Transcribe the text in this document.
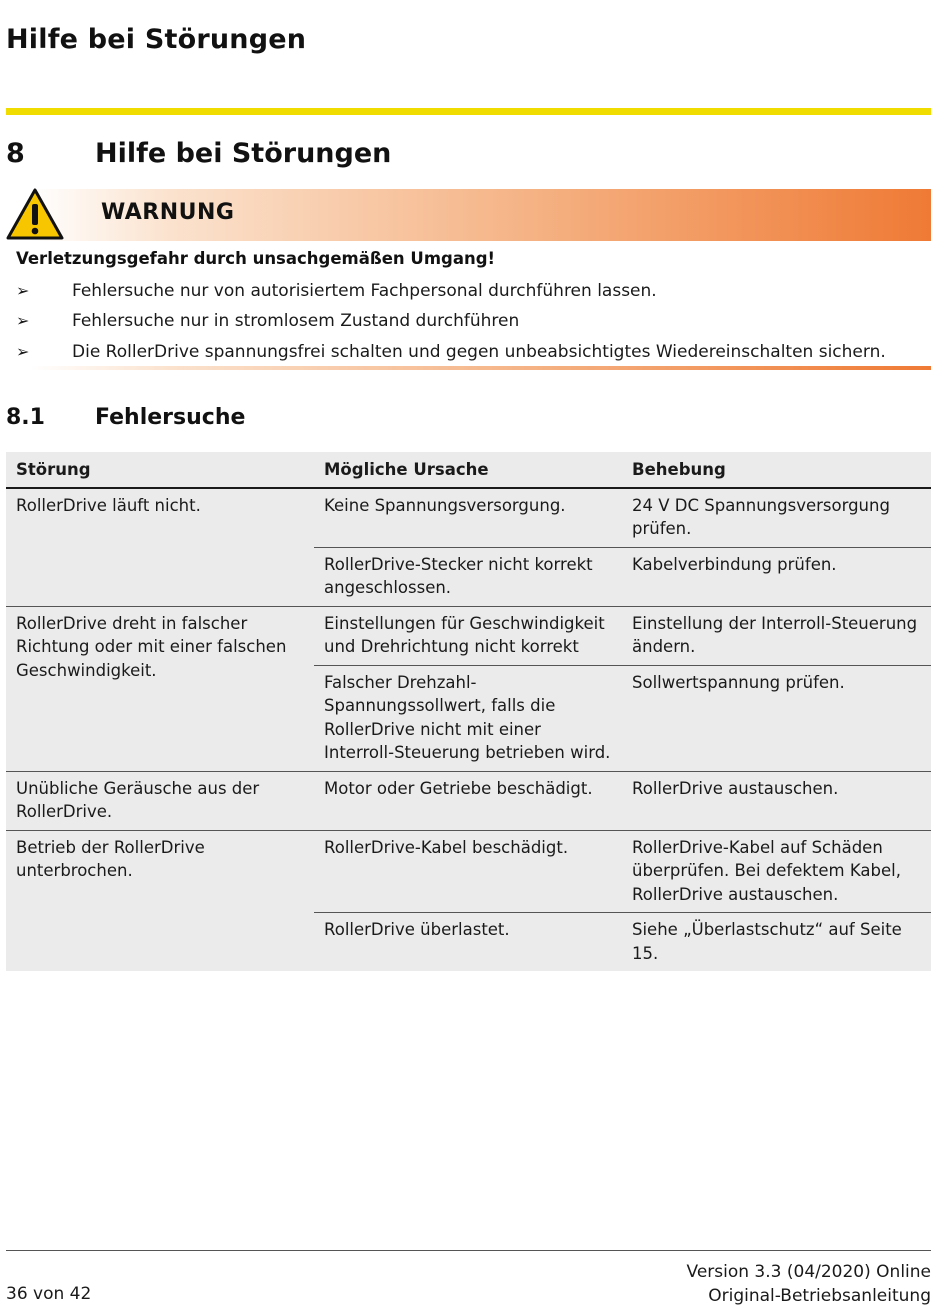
Hilfe bei Störungen
8	Hilfe bei Störungen
WARNUNG
Verletzungsgefahr durch unsachgemäßen Umgang!
➢	Fehlersuche nur von autorisiertem Fachpersonal durchführen lassen.
➢	Fehlersuche nur in stromlosem Zustand durchführen
➢	Die RollerDrive spannungsfrei schalten und gegen unbeabsichtigtes Wiedereinschalten sichern.
8.1 Fehlersuche
Störung	Mögliche Ursache	Behebung
RollerDrive läuft nicht.	Keine Spannungsversorgung.	24 V DC Spannungsversorgung prüfen.
	RollerDrive-Stecker nicht korrekt angeschlossen.	Kabelverbindung prüfen.
RollerDrive dreht in falscher Richtung oder mit einer falschen Geschwindigkeit.	Einstellungen für Geschwindigkeit und Drehrichtung nicht korrekt	Einstellung der Interroll-Steuerung ändern.
	Falscher Drehzahl-Spannungssollwert, falls die RollerDrive nicht mit einer Interroll-Steuerung betrieben wird.	Sollwertspannung prüfen.
Unübliche Geräusche aus der RollerDrive.	Motor oder Getriebe beschädigt.	RollerDrive austauschen.
Betrieb der RollerDrive unterbrochen.	RollerDrive-Kabel beschädigt.	RollerDrive-Kabel auf Schäden überprüfen. Bei defektem Kabel, RollerDrive austauschen.
	RollerDrive überlastet.	Siehe „Überlastschutz“ auf Seite 15.
36 von 42
Version 3.3 (04/2020) Online
Original-Betriebsanleitung
